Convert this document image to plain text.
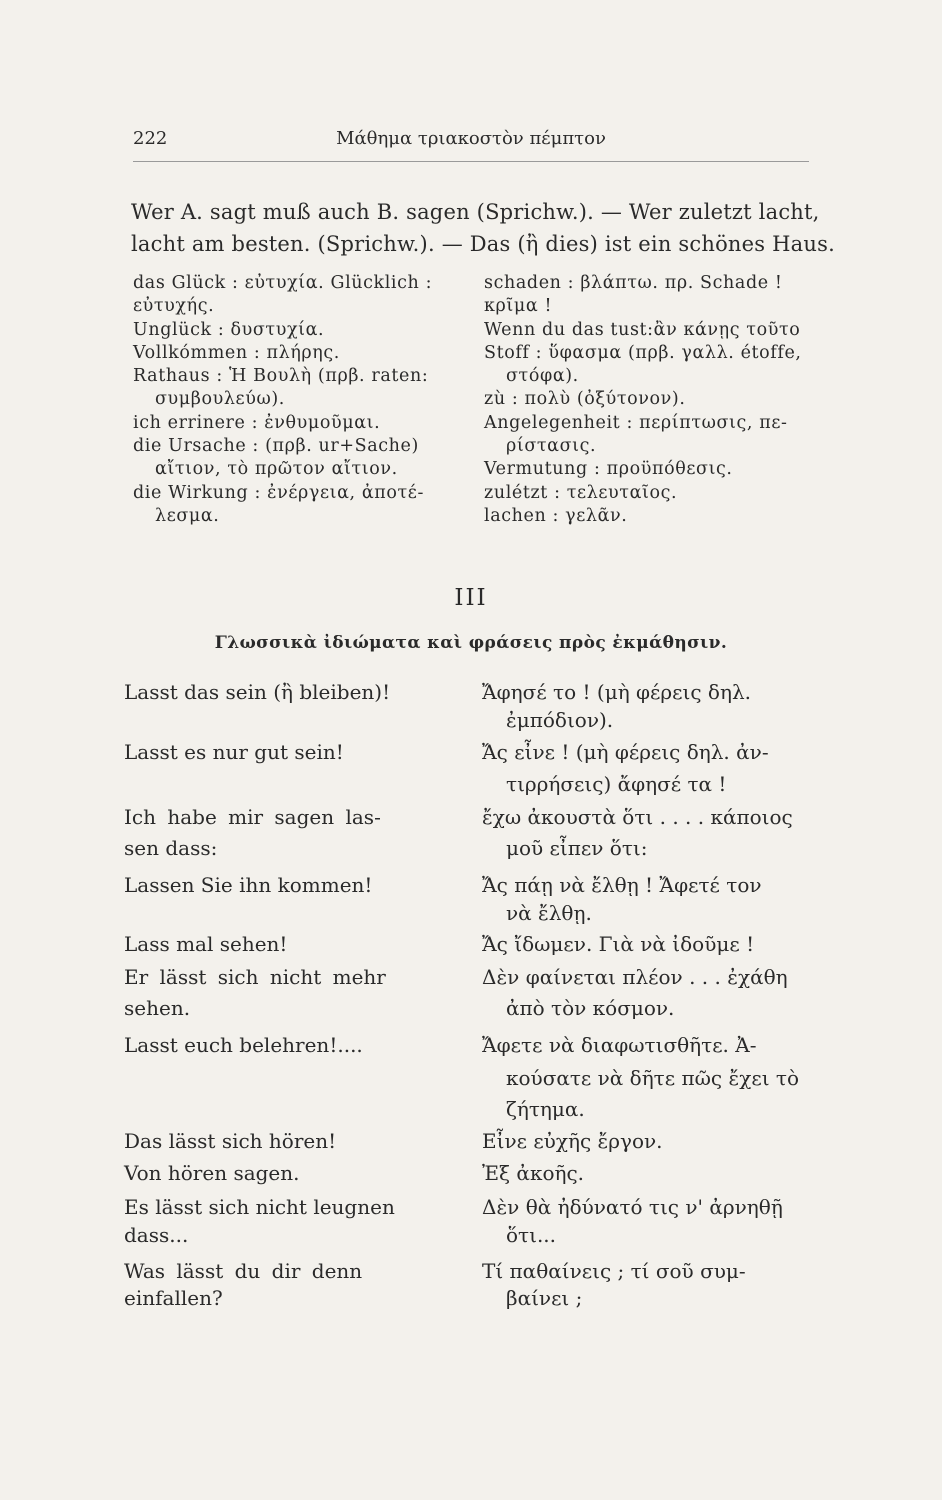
222	Μάθημα τριακοστὸν πέμπτον
Wer A. sagt muß auch B. sagen (Sprichw.). — Wer zuletzt lacht,
lacht am besten. (Sprichw.). — Das (ἢ dies) ist ein schönes Haus.
das Glück : εὐτυχία. Glücklich :
εὐτυχής.
Unglück : δυστυχία.
Vollkómmen : πλήρης.
Rathaus : Ἡ Βουλὴ (πρβ. raten:
συμβουλεύω).
ich erri̇nere : ἐνθυμοῦμαι.
die Ursache : (πρβ. ur+Sache)
αἴτιον, τὸ πρῶτον αἴτιον.
die Wirkung : ἐνέργεια, ἀποτέ-
λεσμα.
schaden : βλάπτω. πρ. Schade !
κρῖμα !
Wenn du das tust:ἂν κάνῃς τοῦτο
Stoff : ὕφασμα (πρβ. γαλλ. étoffe,
στόφα).
zù : πολὺ (ὀξύτονον).
Angelegenheit : περίπτωσις, πε-
ρίστασις.
Vermutung : προϋπόθεσις.
zulétzt : τελευταῖος.
lachen : γελᾶν.
III
Γλωσσικὰ ἰδιώματα καὶ φράσεις πρὸς ἐκμάθησιν.
Lasst das sein (ἢ bleiben)!
Lasst es nur gut sein!
Ich habe mir sagen las-
sen dass:
Lassen Sie ihn kommen!
Lass mal sehen!
Er lässt sich nicht mehr
sehen.
Lasst euch belehren!....
Das lässt sich hören!
Von hören sagen.
Es lässt sich nicht leugnen
dass...
Was lässt du dir denn
einfallen?
Ἄφησέ το ! (μὴ φέρεις δηλ.
ἐμπόδιον).
Ἄς εἶνε ! (μὴ φέρεις δηλ. ἀν-
τιρρήσεις) ἄφησέ τα !
ἔχω ἀκουστὰ ὅτι . . . . κάποιος
μοῦ εἶπεν ὅτι:
Ἄς πάῃ νὰ ἔλθῃ ! Ἄφετέ τον
νὰ ἔλθῃ.
Ἄς ἴδωμεν. Γιὰ νὰ ἰδοῦμε !
Δὲν φαίνεται πλέον . . . ἐχάθη
ἀπὸ τὸν κόσμον.
Ἄφετε νὰ διαφωτισθῆτε. Ἀ-
κούσατε νὰ δῆτε πῶς ἔχει τὸ
ζήτημα.
Εἶνε εὐχῆς ἔργον.
Ἐξ ἀκοῆς.
Δὲν θὰ ἠδύνατό τις ν' ἀρνηθῇ
ὅτι...
Τί παθαίνεις ; τί σοῦ συμ-
βαίνει ;
